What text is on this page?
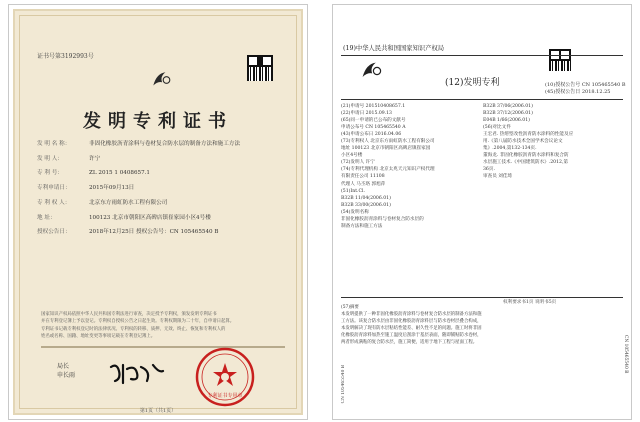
证书号第3192993号
发明专利证书
发 明 名 称：	非固化橡胶沥青涂料与卷材复合防水层的制备方法和施工方法
发 明 人：	许宁
专 利 号：	ZL 2015 1 0408657.1
专利申请日：	2015年09月13日
专 利 权 人：	北京东方雨虹防水工程有限公司
地 址：	100123 北京市朝阳区高碑店镇崔家园小区4号楼
授权公告日：	2018年12月25日 授权公告号：CN 105465540 B
国家知识产权局依照中华人民共和国专利法进行审查，决定授予专利权，颁发发明专利证书
并在专利登记簿上予以登记。专利权自授权公告之日起生效。专利权期限为二十年，自申请日起算。
专利证书记载专利权登记时的法律状况。专利权的转移、质押、无效、终止、恢复和专利权人的
姓名或名称、国籍、地址变更等事项记载在专利登记簿上。
局长
申长雨
专利证书专用章
第1页（共1页）
(19)中华人民共和国国家知识产权局
(12)发明专利	(10)授权公告号 CN 105465540 B
(45)授权公告日 2018.12.25
(21)申请号 201510408657.1
(22)申请日 2015.09.13
(65)同一申请的已公布的文献号
申请公布号 CN 105465540 A
(43)申请公布日 2016.04.06
(73)专利权人 北京东方雨虹防水工程有限公司
地址 100123 北京市朝阳区高碑店镇崔家园
小区4号楼
(72)发明人 许宁
(74)专利代理机构 北京太兆天元知识产权代理
有限责任公司 11108
代理人 马丕珞 郭旭萍
(51)Int.Cl.
B32B 11/04(2006.01)
B32B 33/00(2006.01)
(54)发明名称
非固化橡胶沥青涂料与卷材复合防水层的
制备方法和施工方法
B32B 37/06(2006.01)
B32B 37/12(2006.01)
E04B 1/66(2006.01)
(56)对比文件
王宏君. 热熔型改性沥青防水涂料的性能及应
用.《第八届防水技术全国学术会议论文
集》.2004,第132-134页.
董海龙. 非固化橡胶沥青防水涂料和复合防
水层施工技术.《中国建筑防水》.2012,第
36页.
审查员 刘佳琦
权利要求书1页 说明书5页
(57)摘要
本发明提供了一种非固化橡胶沥青涂料与卷材复合防水层的制备方法和施工方法。该复合防水层由非固化橡胶沥青涂料层与防水卷材层叠合构成，本发明解决了现有防水层粘结性能差、耐久性不足的问题。施工时将非固化橡胶沥青涂料加热至施工温度后刮涂于基层表面，随即铺贴防水卷材，两者形成满粘的复合防水层，施工简便，适用于地下工程与屋面工程。	CN 105465540 B
CN 105465540 B
